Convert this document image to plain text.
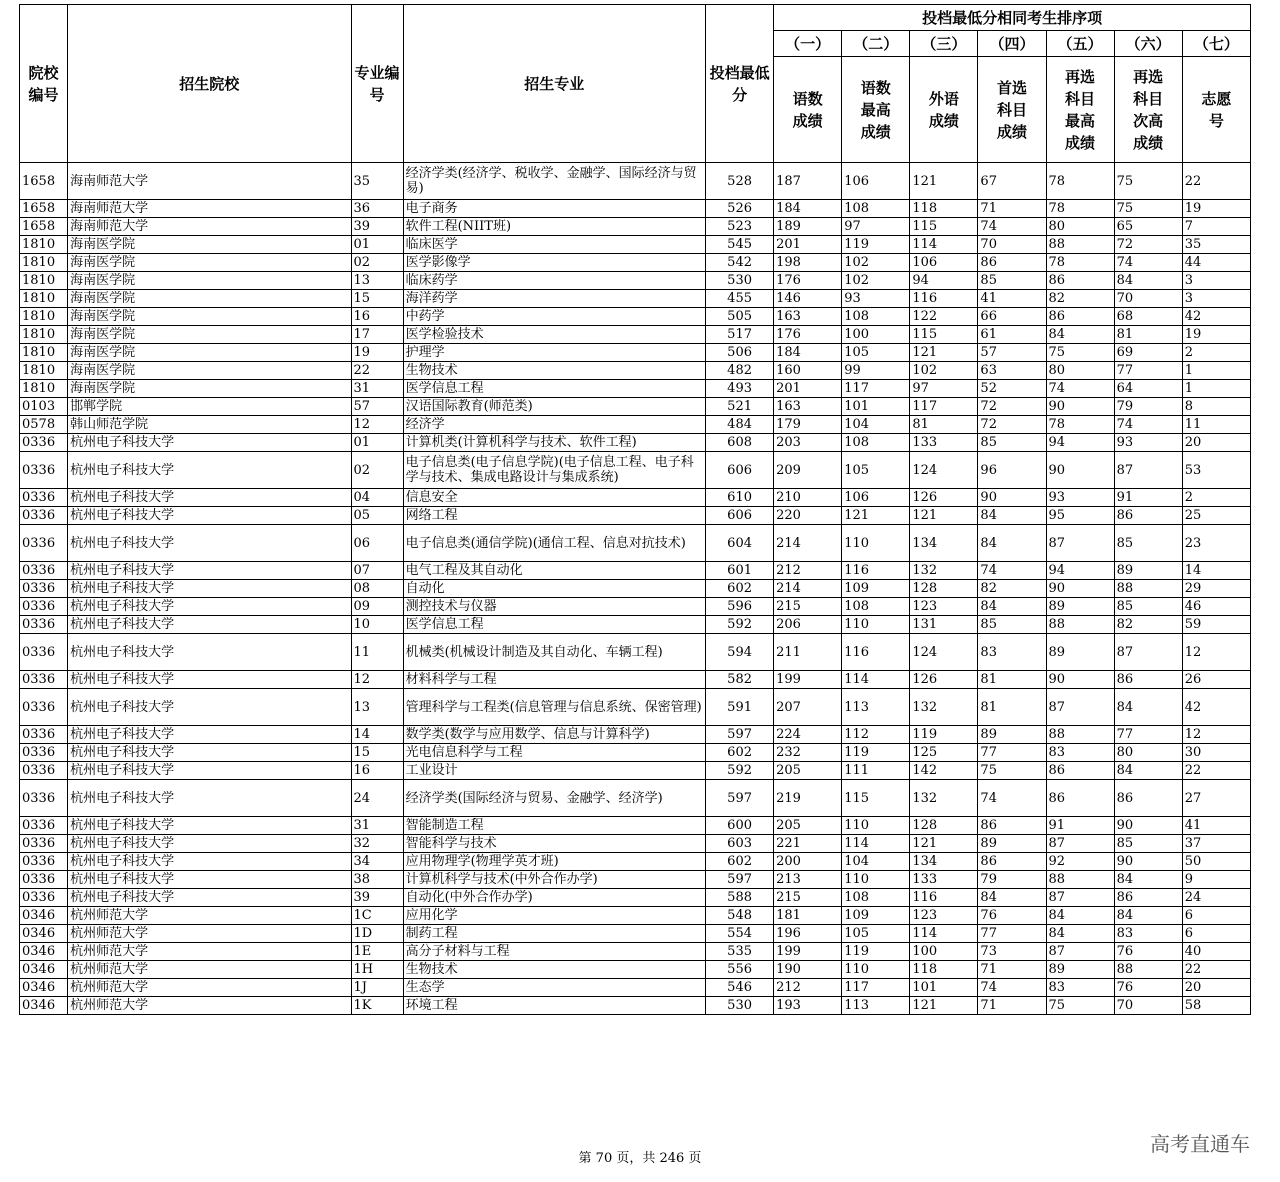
院校编号	招生院校	专业编号	招生专业	投档最低分	投档最低分相同考生排序项						
					（一）	（二）	（三）	（四）	（五）	（六）	（七）
					语数成绩	语数最高成绩	外语成绩	首选科目成绩	再选科目最高成绩	再选科目次高成绩	志愿号
1658	海南师范大学	35	经济学类(经济学、税收学、金融学、国际经济与贸易)	528	187	106	121	67	78	75	22
1658	海南师范大学	36	电子商务	526	184	108	118	71	78	75	19
1658	海南师范大学	39	软件工程(NIIT班)	523	189	97	115	74	80	65	7
1810	海南医学院	01	临床医学	545	201	119	114	70	88	72	35
1810	海南医学院	02	医学影像学	542	198	102	106	86	78	74	44
1810	海南医学院	13	临床药学	530	176	102	94	85	86	84	3
1810	海南医学院	15	海洋药学	455	146	93	116	41	82	70	3
1810	海南医学院	16	中药学	505	163	108	122	66	86	68	42
1810	海南医学院	17	医学检验技术	517	176	100	115	61	84	81	19
1810	海南医学院	19	护理学	506	184	105	121	57	75	69	2
1810	海南医学院	22	生物技术	482	160	99	102	63	80	77	1
1810	海南医学院	31	医学信息工程	493	201	117	97	52	74	64	1
0103	邯郸学院	57	汉语国际教育(师范类)	521	163	101	117	72	90	79	8
0578	韩山师范学院	12	经济学	484	179	104	81	72	78	74	11
0336	杭州电子科技大学	01	计算机类(计算机科学与技术、软件工程)	608	203	108	133	85	94	93	20
0336	杭州电子科技大学	02	电子信息类(电子信息学院)(电子信息工程、电子科学与技术、集成电路设计与集成系统)	606	209	105	124	96	90	87	53
0336	杭州电子科技大学	04	信息安全	610	210	106	126	90	93	91	2
0336	杭州电子科技大学	05	网络工程	606	220	121	121	84	95	86	25
0336	杭州电子科技大学	06	电子信息类(通信学院)(通信工程、信息对抗技术)	604	214	110	134	84	87	85	23
0336	杭州电子科技大学	07	电气工程及其自动化	601	212	116	132	74	94	89	14
0336	杭州电子科技大学	08	自动化	602	214	109	128	82	90	88	29
0336	杭州电子科技大学	09	测控技术与仪器	596	215	108	123	84	89	85	46
0336	杭州电子科技大学	10	医学信息工程	592	206	110	131	85	88	82	59
0336	杭州电子科技大学	11	机械类(机械设计制造及其自动化、车辆工程)	594	211	116	124	83	89	87	12
0336	杭州电子科技大学	12	材料科学与工程	582	199	114	126	81	90	86	26
0336	杭州电子科技大学	13	管理科学与工程类(信息管理与信息系统、保密管理)	591	207	113	132	81	87	84	42
0336	杭州电子科技大学	14	数学类(数学与应用数学、信息与计算科学)	597	224	112	119	89	88	77	12
0336	杭州电子科技大学	15	光电信息科学与工程	602	232	119	125	77	83	80	30
0336	杭州电子科技大学	16	工业设计	592	205	111	142	75	86	84	22
0336	杭州电子科技大学	24	经济学类(国际经济与贸易、金融学、经济学)	597	219	115	132	74	86	86	27
0336	杭州电子科技大学	31	智能制造工程	600	205	110	128	86	91	90	41
0336	杭州电子科技大学	32	智能科学与技术	603	221	114	121	89	87	85	37
0336	杭州电子科技大学	34	应用物理学(物理学英才班)	602	200	104	134	86	92	90	50
0336	杭州电子科技大学	38	计算机科学与技术(中外合作办学)	597	213	110	133	79	88	84	9
0336	杭州电子科技大学	39	自动化(中外合作办学)	588	215	108	116	84	87	86	24
0346	杭州师范大学	1C	应用化学	548	181	109	123	76	84	84	6
0346	杭州师范大学	1D	制药工程	554	196	105	114	77	84	83	6
0346	杭州师范大学	1E	高分子材料与工程	535	199	119	100	73	87	76	40
0346	杭州师范大学	1H	生物技术	556	190	110	118	71	89	88	22
0346	杭州师范大学	1J	生态学	546	212	117	101	74	83	76	20
0346	杭州师范大学	1K	环境工程	530	193	113	121	71	75	70	58
第 70 页，共 246 页
高考直通车
